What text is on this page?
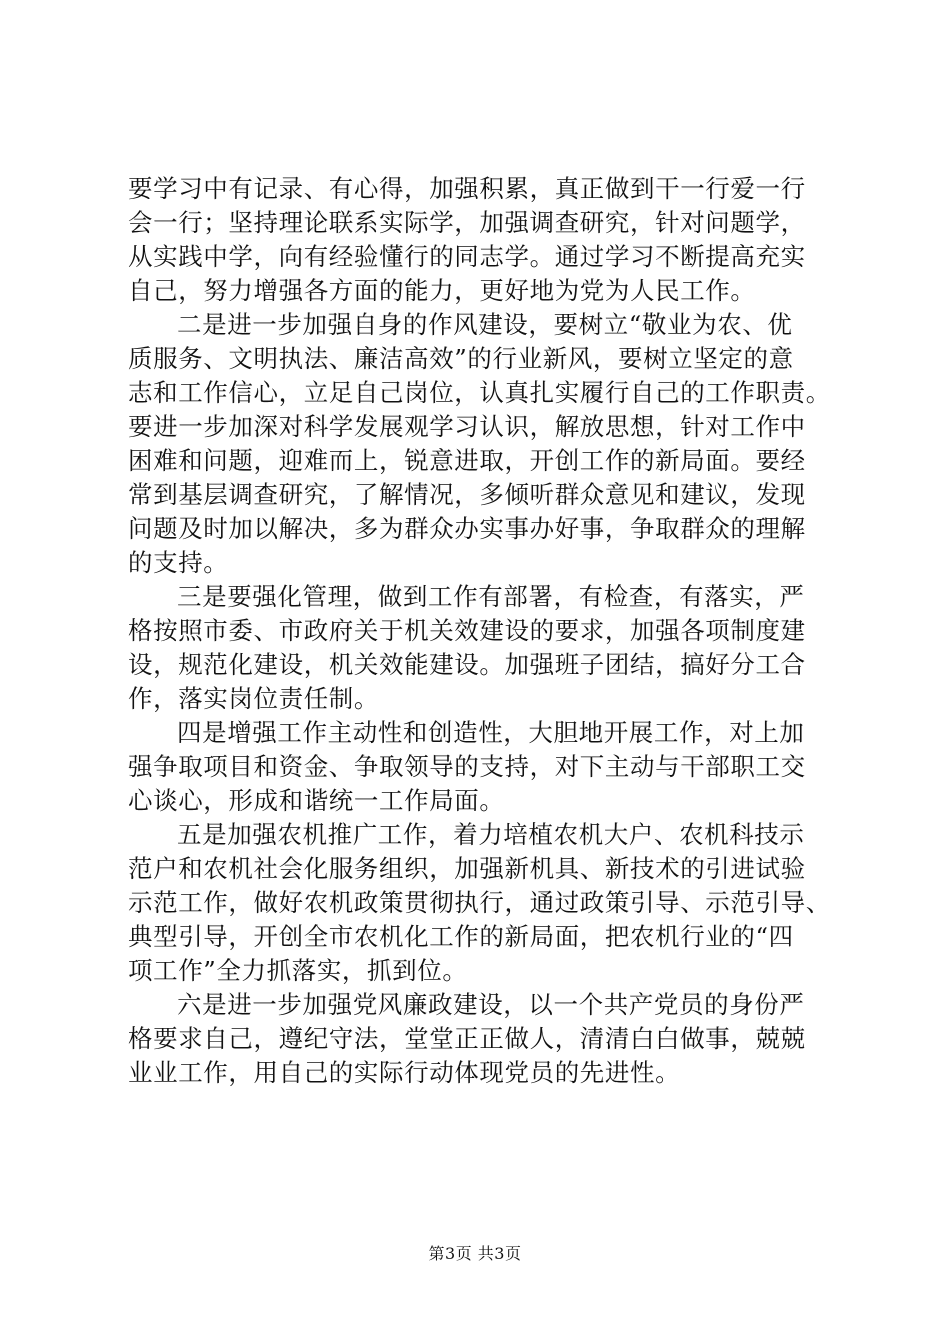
要学习中有记录、有心得，加强积累，真正做到干一行爱一行
会一行；坚持理论联系实际学，加强调查研究，针对问题学，
从实践中学，向有经验懂行的同志学。通过学习不断提高充实
自己，努力增强各方面的能力，更好地为党为人民工作。

二是进一步加强自身的作风建设，要树立“敬业为农、优
质服务、文明执法、廉洁高效”的行业新风，要树立坚定的意
志和工作信心，立足自己岗位，认真扎实履行自己的工作职责。
要进一步加深对科学发展观学习认识，解放思想，针对工作中
困难和问题，迎难而上，锐意进取，开创工作的新局面。要经
常到基层调查研究，了解情况，多倾听群众意见和建议，发现
问题及时加以解决，多为群众办实事办好事，争取群众的理解
的支持。

三是要强化管理，做到工作有部署，有检查，有落实，严
格按照市委、市政府关于机关效建设的要求，加强各项制度建
设，规范化建设，机关效能建设。加强班子团结，搞好分工合
作，落实岗位责任制。

四是增强工作主动性和创造性，大胆地开展工作，对上加
强争取项目和资金、争取领导的支持，对下主动与干部职工交
心谈心，形成和谐统一工作局面。

五是加强农机推广工作，着力培植农机大户、农机科技示
范户和农机社会化服务组织，加强新机具、新技术的引进试验
示范工作，做好农机政策贯彻执行，通过政策引导、示范引导、
典型引导，开创全市农机化工作的新局面，把农机行业的“四
项工作”全力抓落实，抓到位。

六是进一步加强党风廉政建设，以一个共产党员的身份严
格要求自己，遵纪守法，堂堂正正做人，清清白白做事，兢兢
业业工作，用自己的实际行动体现党员的先进性。

第3页 共3页
